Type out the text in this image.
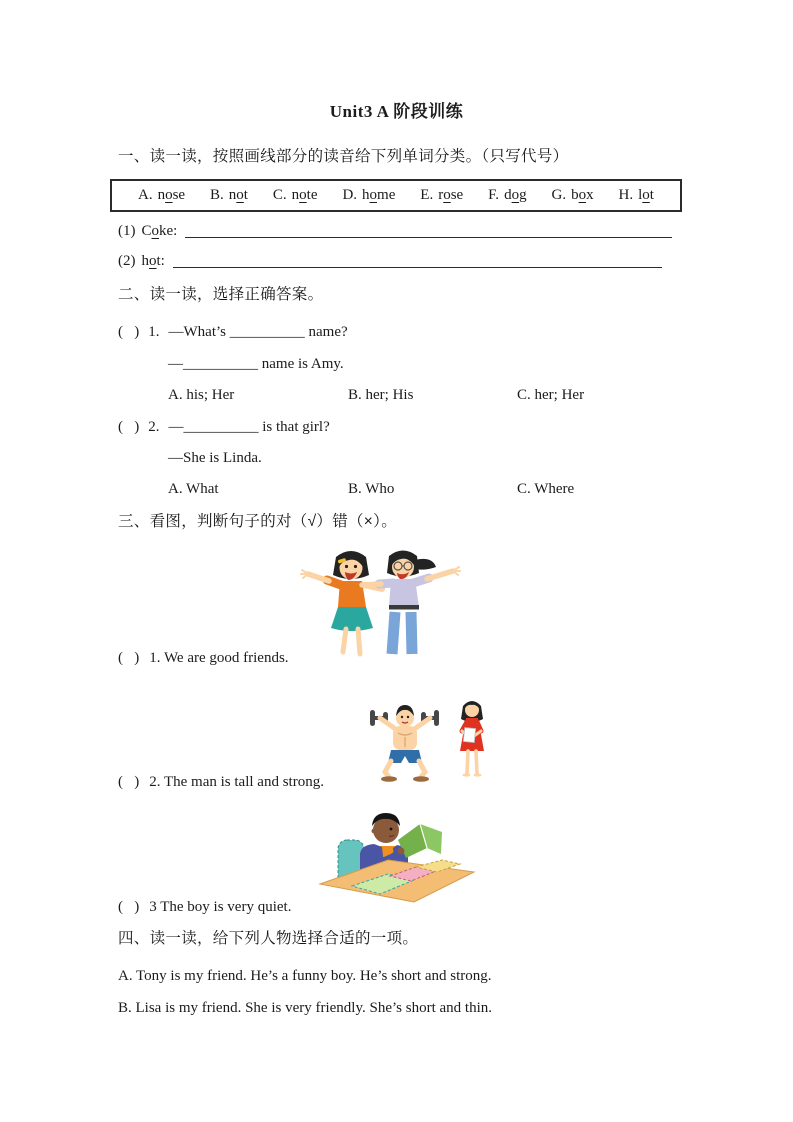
Unit3 A 阶段训练
一、读一读，按照画线部分的读音给下列单词分类。（只写代号）
A. nose B. not C. note D. home E. rose F. dog G. box H. lot
(1) Coke:
(2) hot:
二、读一读，选择正确答案。
(   ) 1. —What’s __________ name?
—__________ name is Amy.
A. his; Her	B. her; His	C. her; Her
(   ) 2. —__________ is that girl?
—She is Linda.
A. What	B. Who	C. Where
三、看图，判断句子的对（√）错（×）。
(   ) 1. We are good friends.
(   ) 2. The man is tall and strong.
(   ) 3 The boy is very quiet.
四、读一读，给下列人物选择合适的一项。
A. Tony is my friend. He’s a funny boy. He’s short and strong.
B. Lisa is my friend. She is very friendly. She’s short and thin.
